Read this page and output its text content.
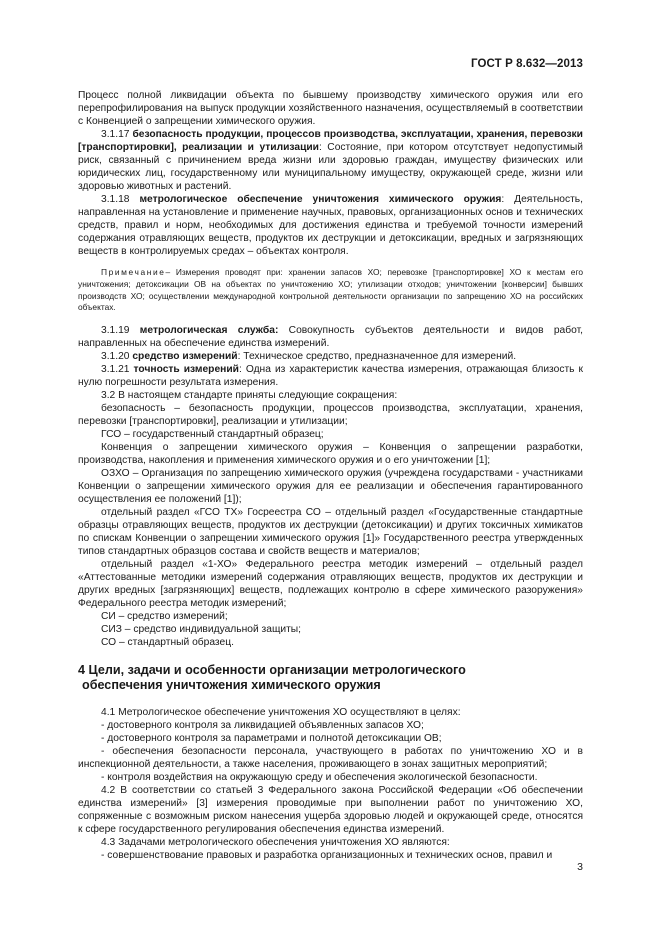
ГОСТ Р 8.632—2013

Процесс полной ликвидации объекта по бывшему производству химического оружия или его перепрофилирования на выпуск продукции хозяйственного назначения, осуществляемый в соответствии с Конвенцией о запрещении химического оружия.

3.1.17 безопасность продукции, процессов производства, эксплуатации, хранения, перевозки [транспортировки], реализации и утилизации: Состояние, при котором отсутствует недопустимый риск, связанный с причинением вреда жизни или здоровью граждан, имуществу физических или юридических лиц, государственному или муниципальному имуществу, окружающей среде, жизни или здоровью животных и растений.

3.1.18 метрологическое обеспечение уничтожения химического оружия: Деятельность, направленная на установление и применение научных, правовых, организационных основ и технических средств, правил и норм, необходимых для достижения единства и требуемой точности измерений содержания отравляющих веществ, продуктов их деструкции и детоксикации, вредных и загрязняющих веществ в контролируемых средах – объектах контроля.

Примечание– Измерения проводят при: хранении запасов ХО; перевозке [транспортировке] ХО к местам его уничтожения; детоксикации ОВ на объектах по уничтожению ХО; утилизации отходов; уничтожении [конверсии] бывших производств ХО; осуществлении международной контрольной деятельности организации по запрещению ХО на российских объектах.

3.1.19 метрологическая служба: Совокупность субъектов деятельности и видов работ, направленных на обеспечение единства измерений.

3.1.20 средство измерений: Техническое средство, предназначенное для измерений.

3.1.21 точность измерений: Одна из характеристик качества измерения, отражающая близость к нулю погрешности результата измерения.

3.2 В настоящем стандарте приняты следующие сокращения:

безопасность – безопасность продукции, процессов производства, эксплуатации, хранения, перевозки [транспортировки], реализации и утилизации;

ГСО – государственный стандартный образец;

Конвенция о запрещении химического оружия – Конвенция о запрещении разработки, производства, накопления и применения химического оружия и о его уничтожении [1];

ОЗХО – Организация по запрещению химического оружия (учреждена государствами - участниками Конвенции о запрещении химического оружия для ее реализации и обеспечения гарантированного осуществления ее положений [1]);

отдельный раздел «ГСО ТХ» Госреестра СО – отдельный раздел «Государственные стандартные образцы отравляющих веществ, продуктов их деструкции (детоксикации) и других токсичных химикатов по спискам Конвенции о запрещении химического оружия [1]» Государственного реестра утвержденных типов стандартных образцов состава и свойств веществ и материалов;

отдельный раздел «1-ХО» Федерального реестра методик измерений – отдельный раздел «Аттестованные методики измерений содержания отравляющих веществ, продуктов их деструкции и других вредных [загрязняющих] веществ, подлежащих контролю в сфере химического разоружения» Федерального реестра методик измерений;

СИ – средство измерений;

СИЗ – средство индивидуальной защиты;

СО – стандартный образец.

4 Цели, задачи и особенности организации метрологического
обеспечения уничтожения химического оружия

4.1 Метрологическое обеспечение уничтожения ХО осуществляют в целях:

- достоверного контроля за ликвидацией объявленных запасов ХО;

- достоверного контроля за параметрами и полнотой детоксикации ОВ;

- обеспечения безопасности персонала, участвующего в работах по уничтожению ХО и в инспекционной деятельности, а также населения, проживающего в зонах защитных мероприятий;

- контроля воздействия на окружающую среду и обеспечения экологической безопасности.

4.2 В соответствии со статьей 3 Федерального закона Российской Федерации «Об обеспечении единства измерений» [3] измерения проводимые при выполнении работ по уничтожению ХО, сопряженные с возможным риском нанесения ущерба здоровью людей и окружающей среде, относятся к сфере государственного регулирования обеспечения единства измерений.

4.3 Задачами метрологического обеспечения уничтожения ХО являются:

- совершенствование правовых и разработка организационных и технических основ, правил и

3
